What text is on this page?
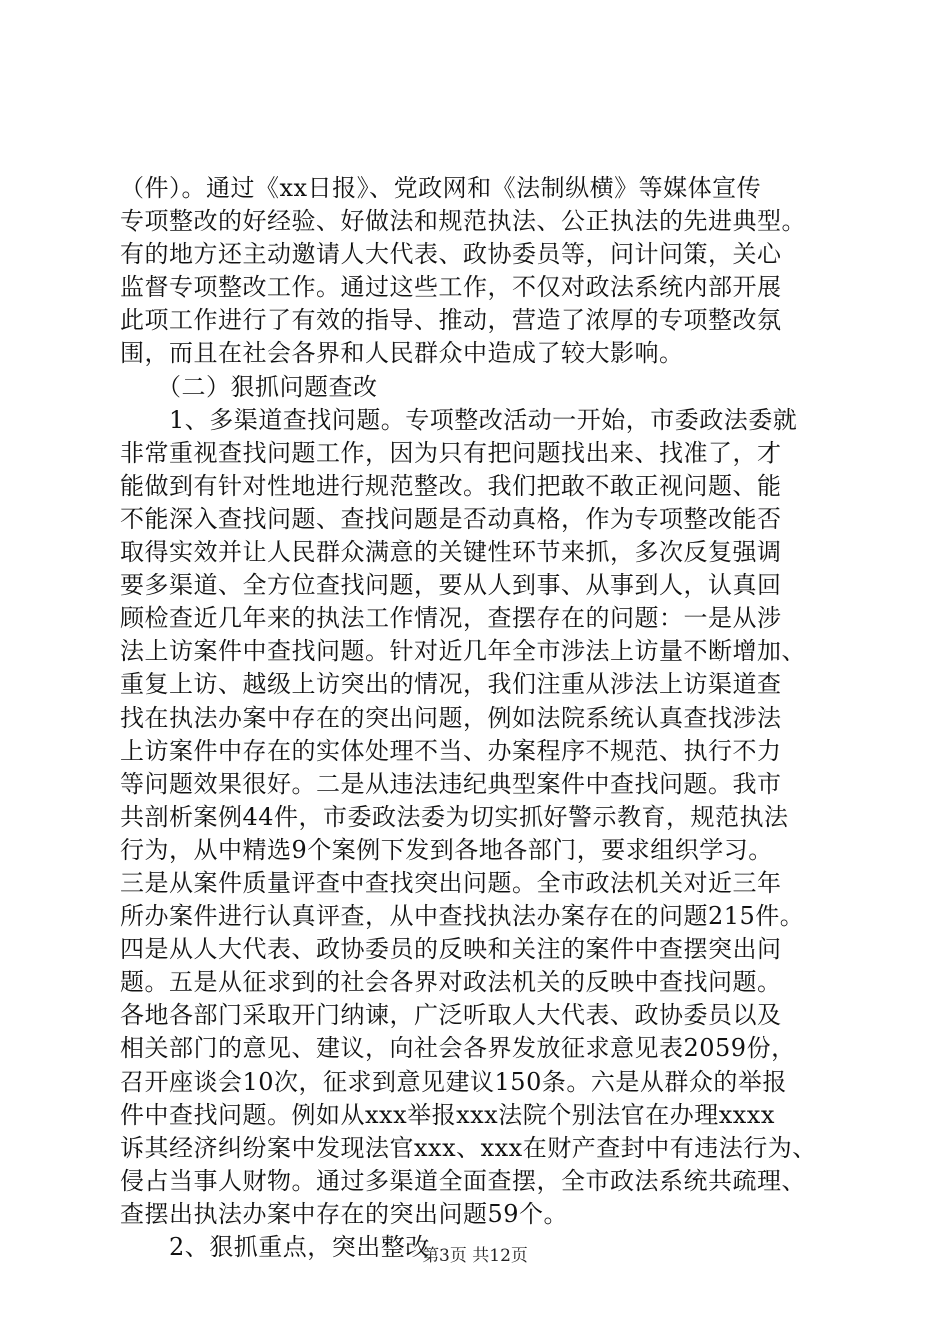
（件）。通过《xx日报》、党政网和《法制纵横》等媒体宣传
专项整改的好经验、好做法和规范执法、公正执法的先进典型。
有的地方还主动邀请人大代表、政协委员等，问计问策，关心
监督专项整改工作。通过这些工作，不仅对政法系统内部开展
此项工作进行了有效的指导、推动，营造了浓厚的专项整改氛
围，而且在社会各界和人民群众中造成了较大影响。
　　（二）狠抓问题查改
　　1、多渠道查找问题。专项整改活动一开始，市委政法委就
非常重视查找问题工作，因为只有把问题找出来、找准了，才
能做到有针对性地进行规范整改。我们把敢不敢正视问题、能
不能深入查找问题、查找问题是否动真格，作为专项整改能否
取得实效并让人民群众满意的关键性环节来抓，多次反复强调
要多渠道、全方位查找问题，要从人到事、从事到人，认真回
顾检查近几年来的执法工作情况，查摆存在的问题：一是从涉
法上访案件中查找问题。针对近几年全市涉法上访量不断增加、
重复上访、越级上访突出的情况，我们注重从涉法上访渠道查
找在执法办案中存在的突出问题，例如法院系统认真查找涉法
上访案件中存在的实体处理不当、办案程序不规范、执行不力
等问题效果很好。二是从违法违纪典型案件中查找问题。我市
共剖析案例44件，市委政法委为切实抓好警示教育，规范执法
行为，从中精选9个案例下发到各地各部门，要求组织学习。
三是从案件质量评查中查找突出问题。全市政法机关对近三年
所办案件进行认真评查，从中查找执法办案存在的问题215件。
四是从人大代表、政协委员的反映和关注的案件中查摆突出问
题。五是从征求到的社会各界对政法机关的反映中查找问题。
各地各部门采取开门纳谏，广泛听取人大代表、政协委员以及
相关部门的意见、建议，向社会各界发放征求意见表2059份，
召开座谈会10次，征求到意见建议150条。六是从群众的举报
件中查找问题。例如从xxx举报xxx法院个别法官在办理xxxx
诉其经济纠纷案中发现法官xxx、xxx在财产查封中有违法行为、
侵占当事人财物。通过多渠道全面查摆，全市政法系统共疏理、
查摆出执法办案中存在的突出问题59个。
　　2、狠抓重点，突出整改
第3页 共12页
